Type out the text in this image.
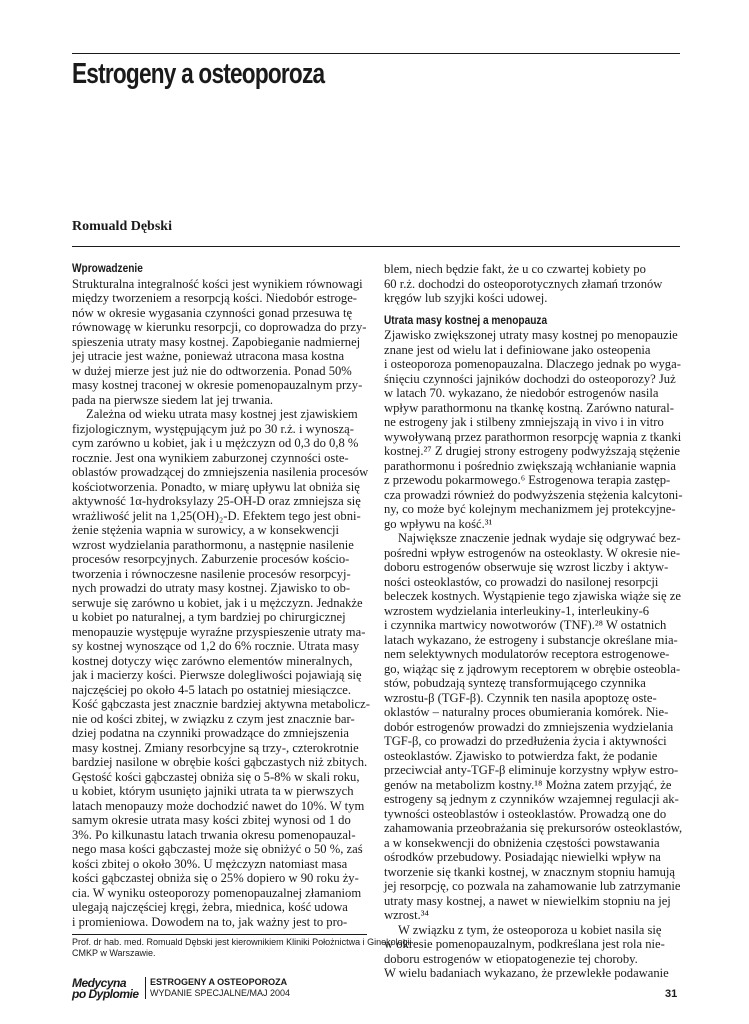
Estrogeny a osteoporoza

Romuald Dębski

Wprowadzenie
Strukturalna integralność kości jest wynikiem równowagi
między tworzeniem a resorpcją kości. Niedobór estroge-
nów w okresie wygasania czynności gonad przesuwa tę
równowagę w kierunku resorpcji, co doprowadza do przy-
spieszenia utraty masy kostnej. Zapobieganie nadmiernej
jej utracie jest ważne, ponieważ utracona masa kostna
w dużej mierze jest już nie do odtworzenia. Ponad 50%
masy kostnej traconej w okresie pomenopauzalnym przy-
pada na pierwsze siedem lat jej trwania.
Zależna od wieku utrata masy kostnej jest zjawiskiem
fizjologicznym, występującym już po 30 r.ż. i wynoszą-
cym zarówno u kobiet, jak i u mężczyzn od 0,3 do 0,8 %
rocznie. Jest ona wynikiem zaburzonej czynności oste-
oblastów prowadzącej do zmniejszenia nasilenia procesów
kościotworzenia. Ponadto, w miarę upływu lat obniża się
aktywność 1α-hydroksylazy 25-OH-D oraz zmniejsza się
wrażliwość jelit na 1,25(OH)₂-D. Efektem tego jest obni-
żenie stężenia wapnia w surowicy, a w konsekwencji
wzrost wydzielania parathormonu, a następnie nasilenie
procesów resorpcyjnych. Zaburzenie procesów kościo-
tworzenia i równoczesne nasilenie procesów resorpcyj-
nych prowadzi do utraty masy kostnej. Zjawisko to ob-
serwuje się zarówno u kobiet, jak i u mężczyzn. Jednakże
u kobiet po naturalnej, a tym bardziej po chirurgicznej
menopauzie występuje wyraźne przyspieszenie utraty ma-
sy kostnej wynoszące od 1,2 do 6% rocznie. Utrata masy
kostnej dotyczy więc zarówno elementów mineralnych,
jak i macierzy kości. Pierwsze dolegliwości pojawiają się
najczęściej po około 4-5 latach po ostatniej miesiączce.
Kość gąbczasta jest znacznie bardziej aktywna metabolicz-
nie od kości zbitej, w związku z czym jest znacznie bar-
dziej podatna na czynniki prowadzące do zmniejszenia
masy kostnej. Zmiany resorbcyjne są trzy-, czterokrotnie
bardziej nasilone w obrębie kości gąbczastych niż zbitych.
Gęstość kości gąbczastej obniża się o 5-8% w skali roku,
u kobiet, którym usunięto jajniki utrata ta w pierwszych
latach menopauzy może dochodzić nawet do 10%. W tym
samym okresie utrata masy kości zbitej wynosi od 1 do
3%. Po kilkunastu latach trwania okresu pomenopauzal-
nego masa kości gąbczastej może się obniżyć o 50 %, zaś
kości zbitej o około 30%. U mężczyzn natomiast masa
kości gąbczastej obniża się o 25% dopiero w 90 roku ży-
cia. W wyniku osteoporozy pomenopauzalnej złamaniom
ulegają najczęściej kręgi, żebra, miednica, kość udowa
i promieniowa. Dowodem na to, jak ważny jest to pro-
blem, niech będzie fakt, że u co czwartej kobiety po
60 r.ż. dochodzi do osteoporotycznych złamań trzonów
kręgów lub szyjki kości udowej.
Utrata masy kostnej a menopauza
Zjawisko zwiększonej utraty masy kostnej po menopauzie
znane jest od wielu lat i definiowane jako osteopenia
i osteoporoza pomenopauzalna. Dlaczego jednak po wyga-
śnięciu czynności jajników dochodzi do osteoporozy? Już
w latach 70. wykazano, że niedobór estrogenów nasila
wpływ parathormonu na tkankę kostną. Zarówno natural-
ne estrogeny jak i stilbeny zmniejszają in vivo i in vitro
wywoływaną przez parathormon resorpcję wapnia z tkanki
kostnej.²⁷ Z drugiej strony estrogeny podwyższają stężenie
parathormonu i pośrednio zwiększają wchłanianie wapnia
z przewodu pokarmowego.⁶ Estrogenowa terapia zastęp-
cza prowadzi również do podwyższenia stężenia kalcytoni-
ny, co może być kolejnym mechanizmem jej protekcyjne-
go wpływu na kość.³¹
Największe znaczenie jednak wydaje się odgrywać bez-
pośredni wpływ estrogenów na osteoklasty. W okresie nie-
doboru estrogenów obserwuje się wzrost liczby i aktyw-
ności osteoklastów, co prowadzi do nasilonej resorpcji
beleczek kostnych. Wystąpienie tego zjawiska wiąże się ze
wzrostem wydzielania interleukiny-1, interleukiny-6
i czynnika martwicy nowotworów (TNF).²⁸ W ostatnich
latach wykazano, że estrogeny i substancje określane mia-
nem selektywnych modulatorów receptora estrogenowe-
go, wiążąc się z jądrowym receptorem w obrębie osteobla-
stów, pobudzają syntezę transformującego czynnika
wzrostu-β (TGF-β). Czynnik ten nasila apoptozę oste-
oklastów – naturalny proces obumierania komórek. Nie-
dobór estrogenów prowadzi do zmniejszenia wydzielania
TGF-β, co prowadzi do przedłużenia życia i aktywności
osteoklastów. Zjawisko to potwierdza fakt, że podanie
przeciwciał anty-TGF-β eliminuje korzystny wpływ estro-
genów na metabolizm kostny.¹⁸ Można zatem przyjąć, że
estrogeny są jednym z czynników wzajemnej regulacji ak-
tywności osteoblastów i osteoklastów. Prowadzą one do
zahamowania przeobrażania się prekursorów osteoklastów,
a w konsekwencji do obniżenia częstości powstawania
ośrodków przebudowy. Posiadając niewielki wpływ na
tworzenie się tkanki kostnej, w znacznym stopniu hamują
jej resorpcję, co pozwala na zahamowanie lub zatrzymanie
utraty masy kostnej, a nawet w niewielkim stopniu na jej
wzrost.³⁴
W związku z tym, że osteoporoza u kobiet nasila się
w okresie pomenopauzalnym, podkreślana jest rola nie-
doboru estrogenów w etiopatogenezie tej choroby.
W wielu badaniach wykazano, że przewlekłe podawanie
Prof. dr hab. med. Romuald Dębski jest kierownikiem Kliniki Położnictwa i Ginekologii
CMKP w Warszawie.
Medycyna
po Dyplomie
ESTROGENY A OSTEOPOROZA
WYDANIE SPECJALNE/MAJ 2004	31
